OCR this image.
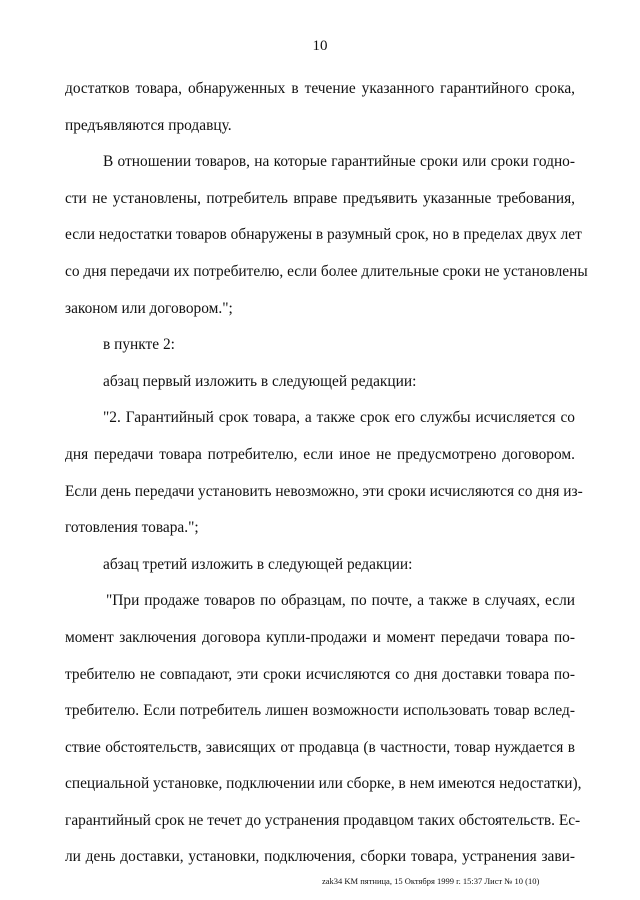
10
достатков товара, обнаруженных в течение указанного гарантийного срока,
предъявляются продавцу.
В отношении товаров, на которые гарантийные сроки или сроки годно-
сти не установлены, потребитель вправе предъявить указанные требования,
если недостатки товаров обнаружены в разумный срок, но в пределах двух лет
со дня передачи их потребителю, если более длительные сроки не установлены
законом или договором.";
в пункте 2:
абзац первый изложить в следующей редакции:
"2. Гарантийный срок товара, а также срок его службы исчисляется со
дня передачи товара потребителю, если иное не предусмотрено договором.
Если день передачи установить невозможно, эти сроки исчисляются со дня из-
готовления товара.";
абзац третий изложить в следующей редакции:
"При продаже товаров по образцам, по почте, а также в случаях, если
момент заключения договора купли-продажи и момент передачи товара по-
требителю не совпадают, эти сроки исчисляются со дня доставки товара по-
требителю. Если потребитель лишен возможности использовать товар вслед-
ствие обстоятельств, зависящих от продавца (в частности, товар нуждается в
специальной установке, подключении или сборке, в нем имеются недостатки),
гарантийный срок не течет до устранения продавцом таких обстоятельств. Ес-
ли день доставки, установки, подключения, сборки товара, устранения зави-
zak34 KM пятница, 15 Октября 1999 г. 15:37 Лист № 10 (10)
